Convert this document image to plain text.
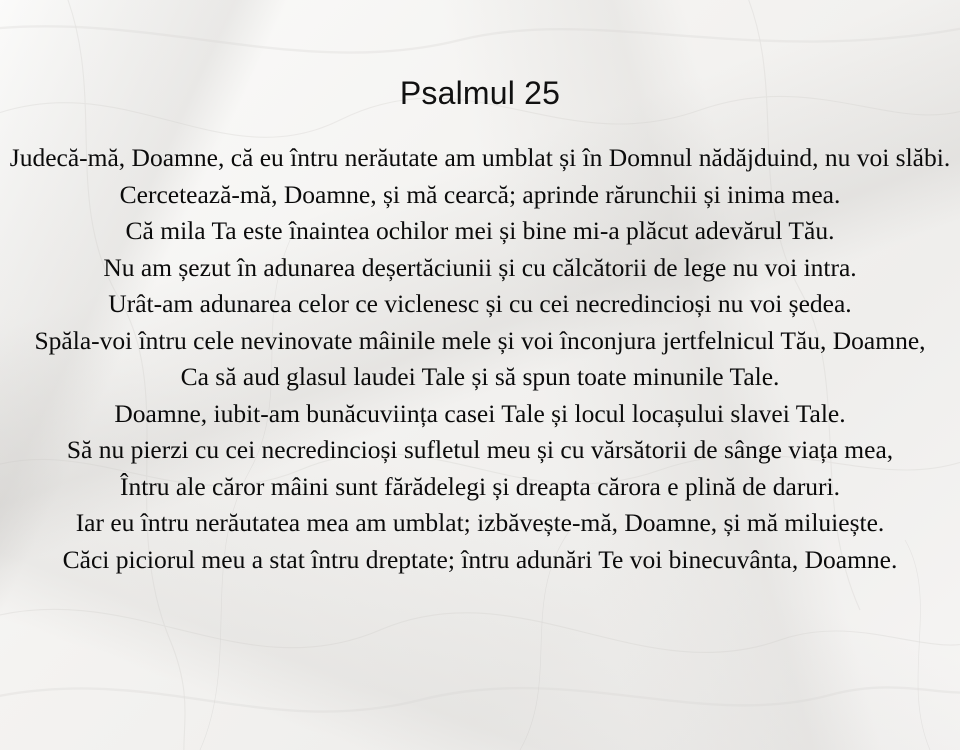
Psalmul 25
Judecă-mă, Doamne, că eu întru nerăutate am umblat și în Domnul nădăjduind, nu voi slăbi.
Cercetează-mă, Doamne, și mă cearcă; aprinde rărunchii și inima mea.
Că mila Ta este înaintea ochilor mei și bine mi-a plăcut adevărul Tău.
Nu am șezut în adunarea deșertăciunii și cu călcătorii de lege nu voi intra.
Urât-am adunarea celor ce viclenesc și cu cei necredincioși nu voi ședea.
Spăla-voi întru cele nevinovate mâinile mele și voi înconjura jertfelnicul Tău, Doamne,
Ca să aud glasul laudei Tale și să spun toate minunile Tale.
Doamne, iubit-am bunăcuviința casei Tale și locul locașului slavei Tale.
Să nu pierzi cu cei necredincioși sufletul meu și cu vărsătorii de sânge viața mea,
Întru ale căror mâini sunt fărădelegi și dreapta cărora e plină de daruri.
Iar eu întru nerăutatea mea am umblat; izbăvește-mă, Doamne, și mă miluiește.
Căci piciorul meu a stat întru dreptate; întru adunări Te voi binecuvânta, Doamne.
